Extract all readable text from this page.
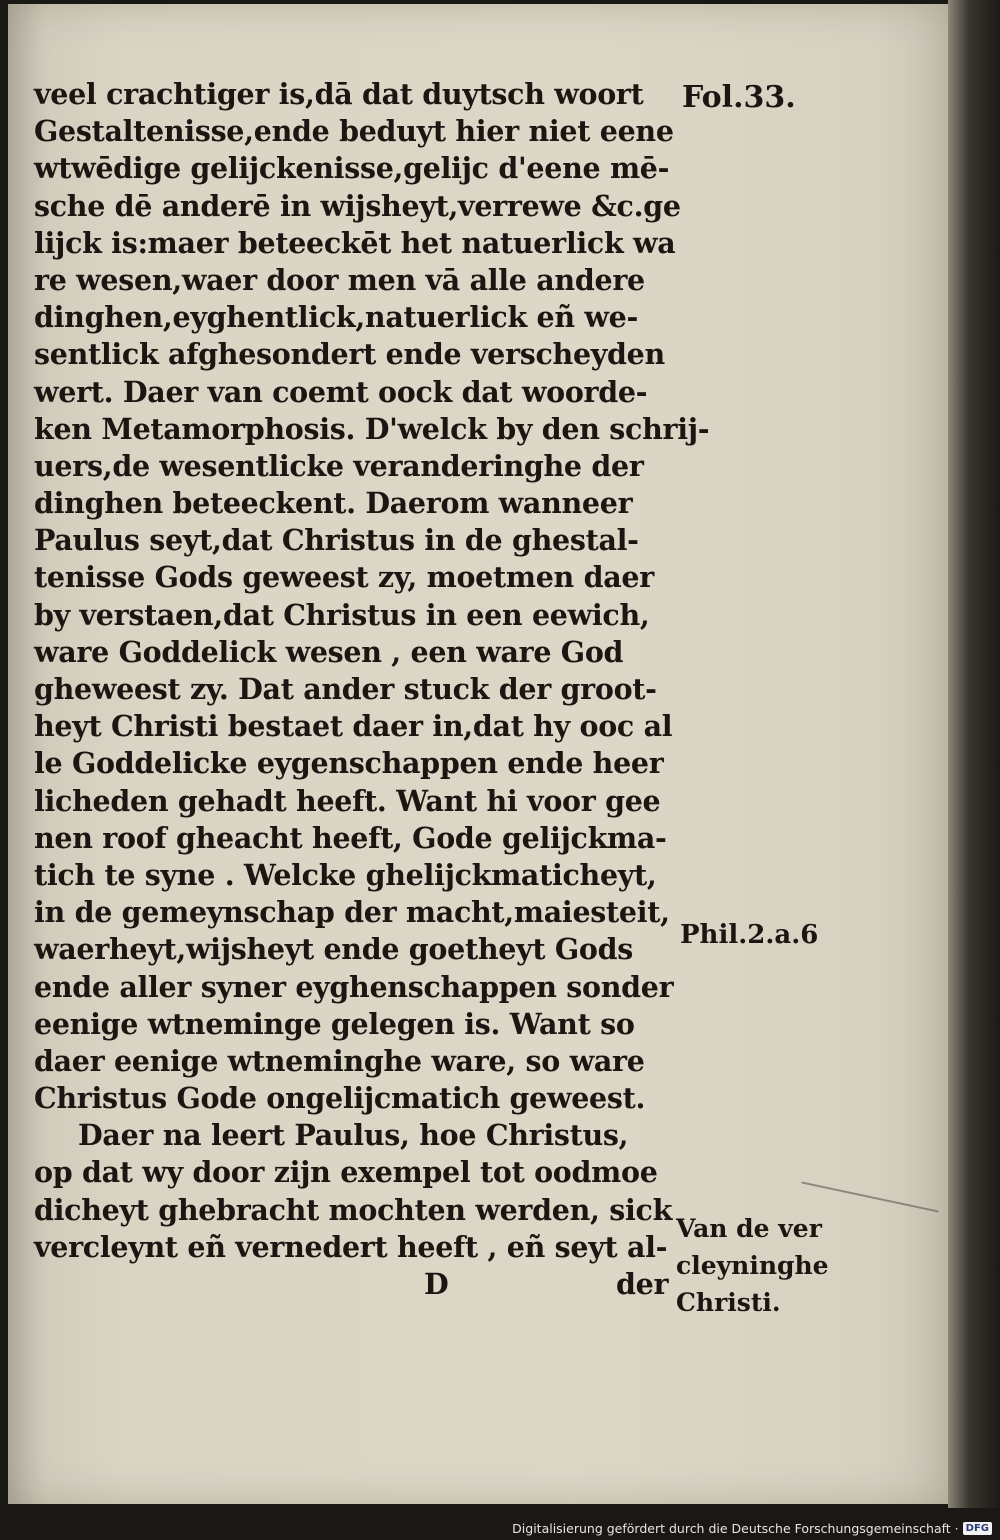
Fol.33.
veel crachtiger is,dā dat duytsch woort
Gestaltenisse,ende beduyt hier niet eene
wtwēdige gelijckenisse,gelijc d'eene mē-
sche dē anderē in wijsheyt,verrewe &c.ge
lijck is:maer beteeckēt het natuerlick wa
re wesen,waer door men vā alle andere
dinghen,eyghentlick,natuerlick eñ we-
sentlick afghesondert ende verscheyden
wert. Daer van coemt oock dat woorde-
ken Metamorphosis. D'welck by den schrij-
uers,de wesentlicke veranderinghe der
dinghen beteeckent. Daerom wanneer
Paulus seyt,dat Christus in de ghestal-
tenisse Gods geweest zy, moetmen daer
by verstaen,dat Christus in een eewich,
ware Goddelick wesen , een ware God
gheweest zy. Dat ander stuck der groot-
heyt Christi bestaet daer in,dat hy ooc al
le Goddelicke eygenschappen ende heer
licheden gehadt heeft. Want hi voor gee
nen roof gheacht heeft, Gode gelijckma-
tich te syne . Welcke ghelijckmaticheyt,
in de gemeynschap der macht,maiesteit,
waerheyt,wijsheyt ende goetheyt Gods
ende aller syner eyghenschappen sonder
eenige wtneminge gelegen is. Want so
daer eenige wtneminghe ware, so ware
Christus Gode ongelijcmatich geweest.
Daer na leert Paulus, hoe Christus,
op dat wy door zijn exempel tot oodmoe
dicheyt ghebracht mochten werden, sick
vercleynt eñ vernedert heeft , eñ seyt al-
D	der
Phil.2.a.6
Van de ver
cleyninghe
Christi.
Digitalisierung gefördert durch die Deutsche Forschungsgemeinschaft · DFG
